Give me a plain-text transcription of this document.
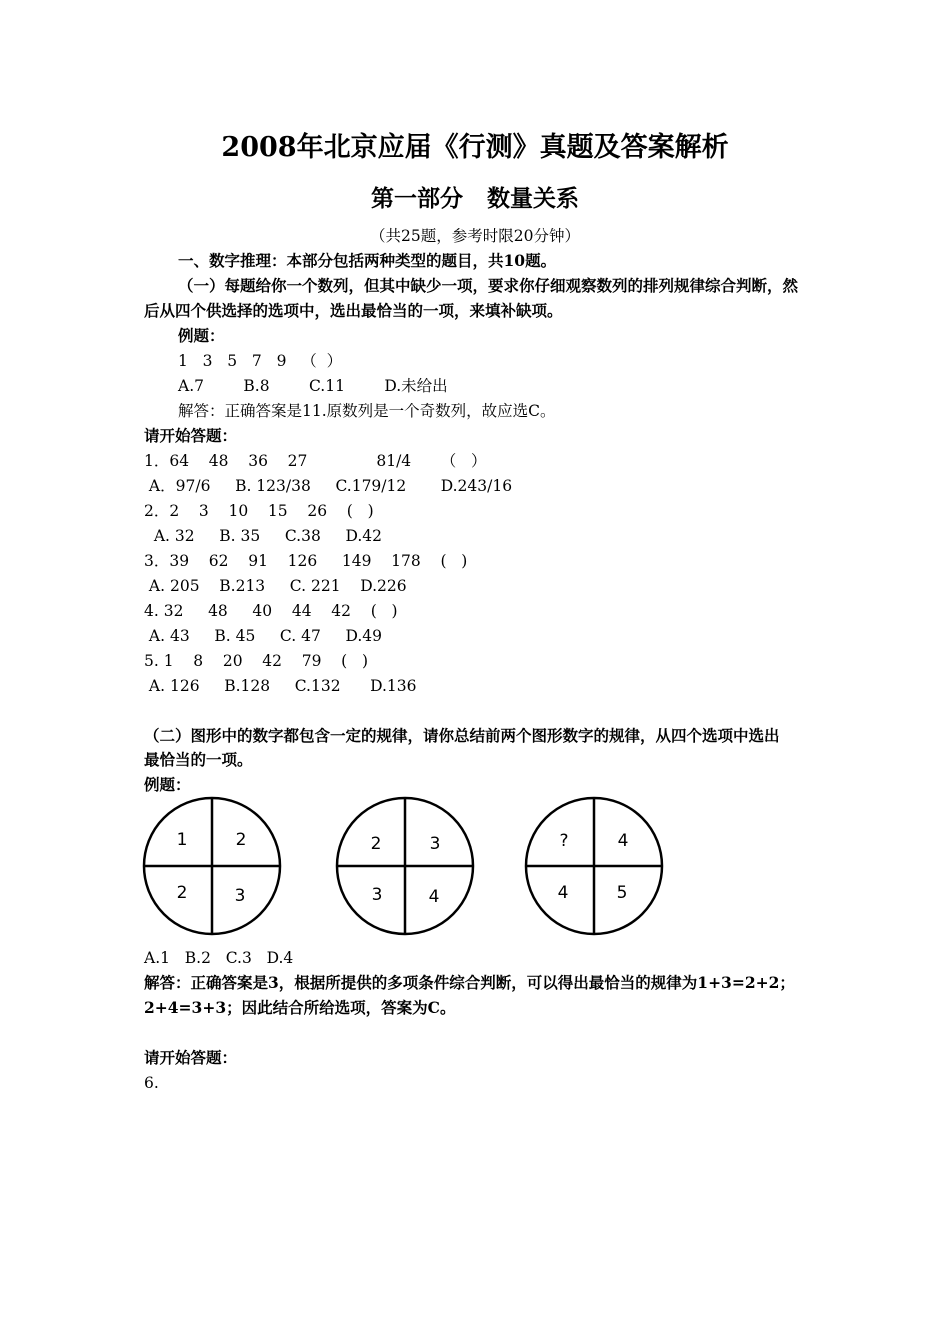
2008年北京应届《行测》真题及答案解析
第一部分   数量关系
（共25题，参考时限20分钟）
一、数字推理：本部分包括两种类型的题目，共10题。
（一）每题给你一个数列，但其中缺少一项，要求你仔细观察数列的排列规律综合判断，然
后从四个供选择的选项中，选出最恰当的一项，来填补缺项。
例题：
1   3   5   7   9   （  ）
A.7        B.8        C.11        D.未给出
解答：正确答案是11.原数列是一个奇数列，故应选C。
请开始答题：
1．64    48    36    27              81/4      （   ）
A．97/6     B. 123/38     C.179/12       D.243/16
2．2    3    10    15    26    (   )
A. 32     B. 35     C.38     D.42
3．39    62    91    126     149    178    (   )
A. 205    B.213     C. 221    D.226
4. 32     48     40    44    42    (   )
A. 43     B. 45     C. 47     D.49
5. 1    8    20    42    79    (   )
A. 126     B.128     C.132      D.136
（二）图形中的数字都包含一定的规律，请你总结前两个图形数字的规律，从四个选项中选出
最恰当的一项。
例题：
1	2
2	3
2	3
3	4
?	4
4	5
A.1   B.2   C.3   D.4
解答：正确答案是3，根据所提供的多项条件综合判断，可以得出最恰当的规律为1+3=2+2；
2+4=3+3；因此结合所给选项，答案为C。
请开始答题：
6.
